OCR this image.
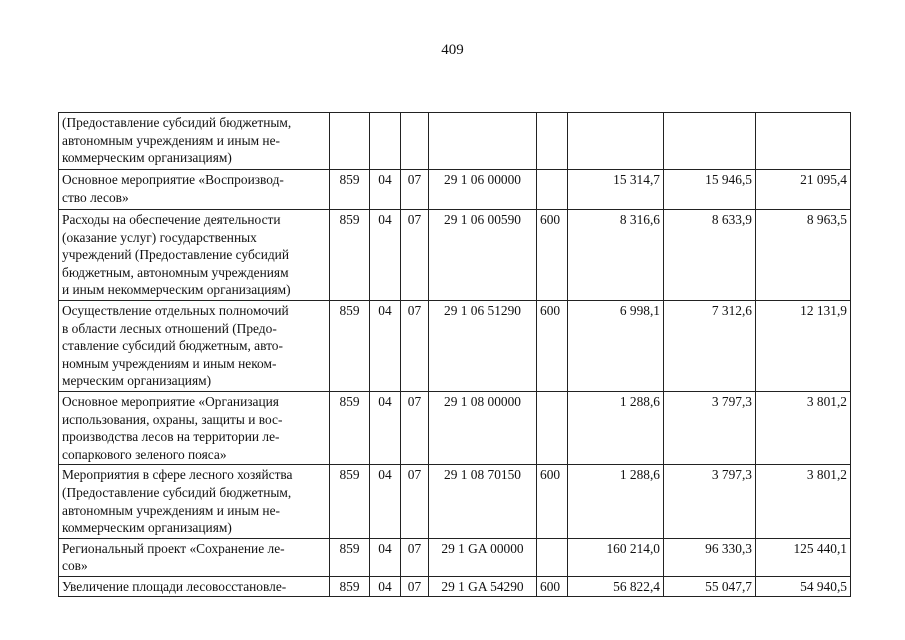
409
(Предоставление субсидий бюджетным,
автономным учреждениям и иным не-
коммерческим организациям)								

Основное мероприятие «Воспроизвод-
ство лесов»	859	04	07	29 1 06 00000		15 314,7	15 946,5	21 095,4

Расходы на обеспечение деятельности
(оказание услуг) государственных
учреждений (Предоставление субсидий
бюджетным, автономным учреждениям
и иным некоммерческим организациям)	859	04	07	29 1 06 00590	600	8 316,6	8 633,9	8 963,5

Осуществление отдельных полномочий
в области лесных отношений (Предо-
ставление субсидий бюджетным, авто-
номным учреждениям и иным неком-
мерческим организациям)	859	04	07	29 1 06 51290	600	6 998,1	7 312,6	12 131,9

Основное мероприятие «Организация
использования, охраны, защиты и вос-
производства лесов на территории ле-
сопаркового зеленого пояса»	859	04	07	29 1 08 00000		1 288,6	3 797,3	3 801,2

Мероприятия в сфере лесного хозяйства
(Предоставление субсидий бюджетным,
автономным учреждениям и иным не-
коммерческим организациям)	859	04	07	29 1 08 70150	600	1 288,6	3 797,3	3 801,2

Региональный проект «Сохранение ле-
сов»	859	04	07	29 1 GA 00000		160 214,0	96 330,3	125 440,1

Увеличение площади лесовосстановле-	859	04	07	29 1 GA 54290	600	56 822,4	55 047,7	54 940,5
